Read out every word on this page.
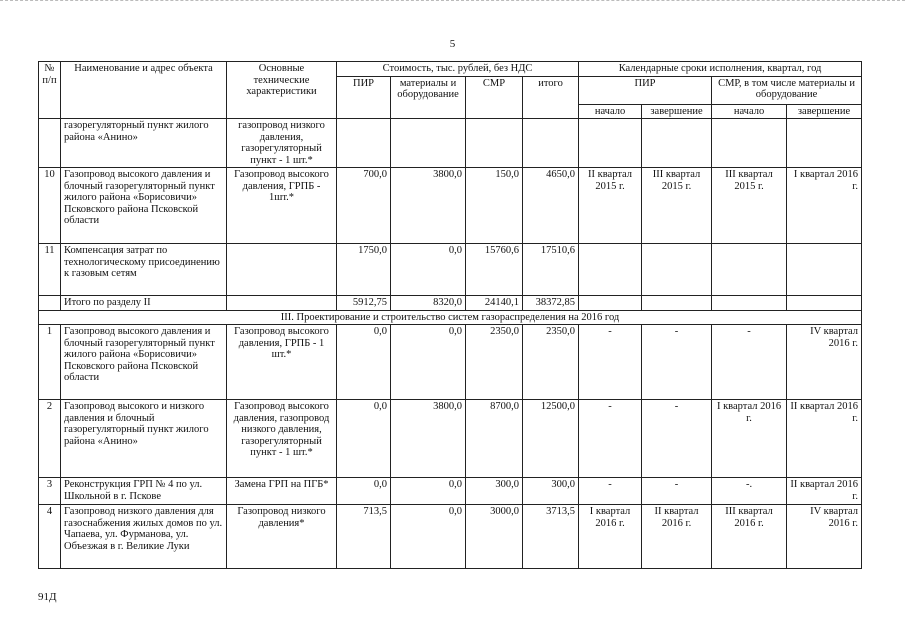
5
№ п/п	Наименование и адрес объекта	Основные технические характеристики	Стоимость, тыс. рублей, без НДС				Календарные сроки исполнения, квартал, год			
			ПИР	материалы и оборудование	СМР	итого	ПИР		СМР, в том числе материалы и оборудование	
							начало	завершение	начало	завершение
	газорегуляторный пункт жилого района «Анино»	газопровод низкого давления, газорегуляторный пункт - 1 шт.*								
10	Газопровод высокого давления и блочный газорегуляторный пункт жилого района «Борисовичи» Псковского района Псковской области	Газопровод высокого давления, ГРПБ - 1шт.*	700,0	3800,0	150,0	4650,0	II квартал 2015 г.	III квартал 2015 г.	III квартал 2015 г.	I квартал 2016 г.
11	Компенсация затрат по технологическому присоединению к газовым сетям		1750,0	0,0	15760,6	17510,6				
	Итого по разделу II		5912,75	8320,0	24140,1	38372,85				
III. Проектирование и строительство систем газораспределения на 2016 год										
1	Газопровод высокого давления и блочный газорегуляторный пункт жилого района «Борисовичи» Псковского района Псковской области	Газопровод высокого давления, ГРПБ - 1 шт.*	0,0	0,0	2350,0	2350,0	-	-	-	IV квартал 2016 г.
2	Газопровод высокого и низкого давления и блочный газорегуляторный пункт жилого района «Анино»	Газопровод высокого давления, газопровод низкого давления, газорегуляторный пункт - 1 шт.*	0,0	3800,0	8700,0	12500,0	-	-	I квартал 2016 г.	II квартал 2016 г.
3	Реконструкция ГРП № 4 по ул. Школьной в г. Пскове	Замена ГРП на ПГБ*	0,0	0,0	300,0	300,0	-	-	-.	II квартал 2016 г.
4	Газопровод низкого давления для газоснабжения жилых домов по ул. Чапаева, ул. Фурманова, ул. Объезжая в г. Великие Луки	Газопровод низкого давления*	713,5	0,0	3000,0	3713,5	I квартал 2016 г.	II квартал 2016 г.	III квартал 2016 г.	IV квартал 2016 г.
91Д
